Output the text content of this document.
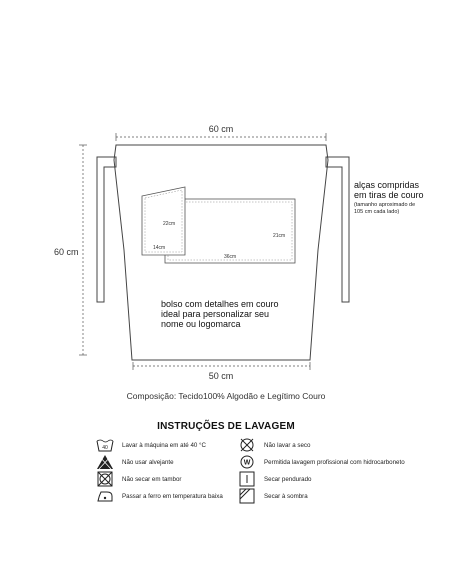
60 cm
60 cm
50 cm
22cm
14cm
36cm
21cm
alças compridas
em tiras de couro
(tamanho aproximado de
105 cm cada lado)
bolso com detalhes em couro
ideal para personalizar seu
nome ou logomarca
Composição: Tecido100% Algodão e Legítimo Couro
INSTRUÇÕES DE LAVAGEM
40 Lavar à máquina em até 40 °C
Não usar alvejante
Não secar em tambor
Passar a ferro em temperatura baixa
Não lavar a seco
W Permitida lavagem profissional com hidrocarboneto
Secar pendurado
Secar à sombra
